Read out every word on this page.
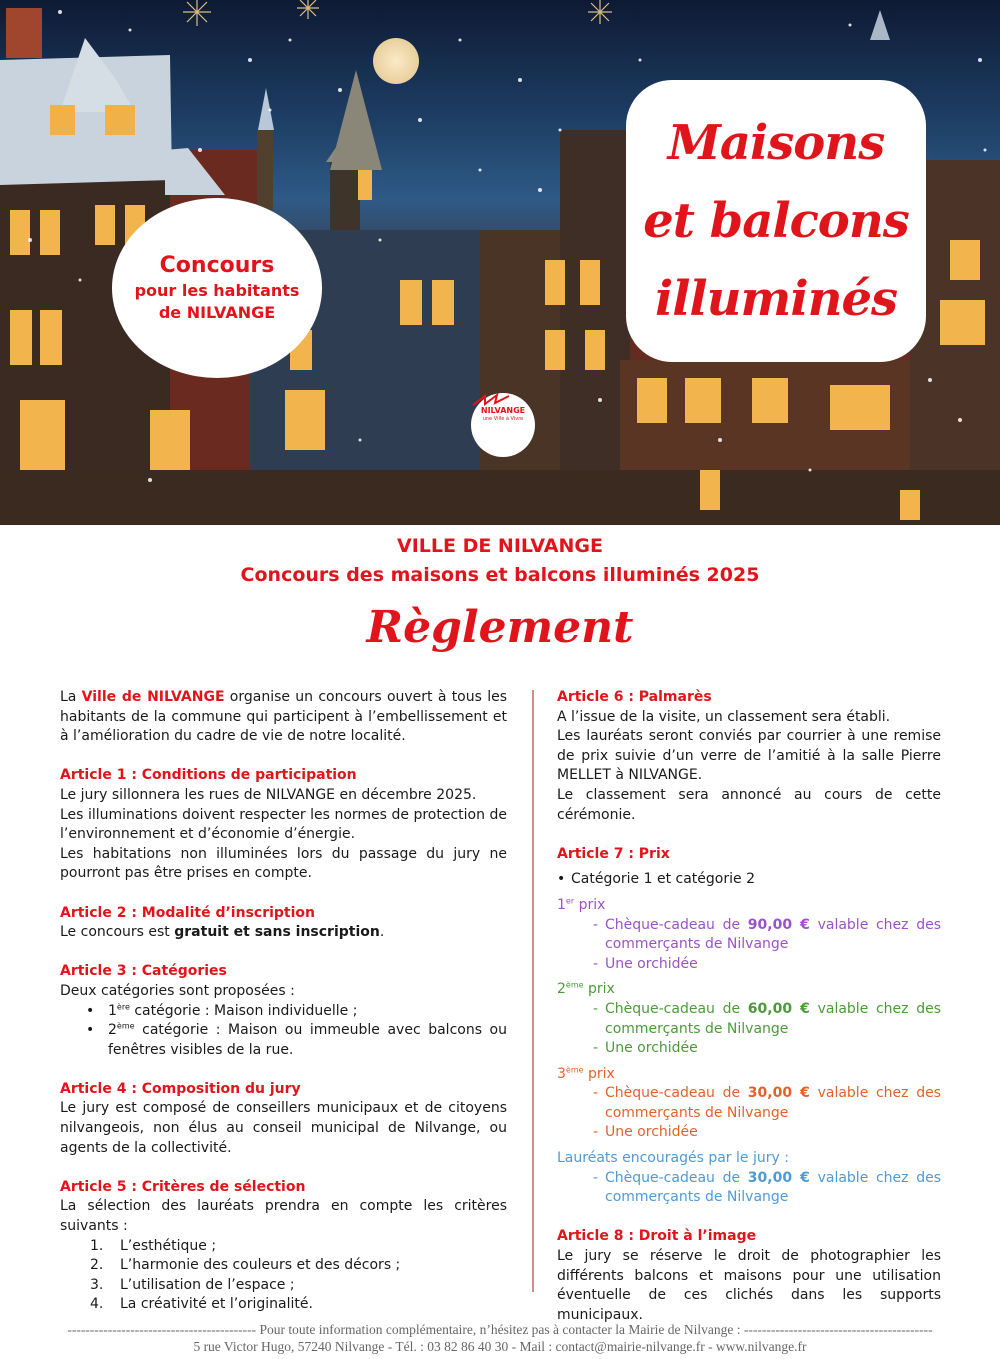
Concours
pour les habitants
de NILVANGE
Maisons
et balcons
illuminés
NILVANGE
une Ville à Vivre
VILLE DE NILVANGE
Concours des maisons et balcons illuminés 2025
Règlement

La Ville de NILVANGE organise un concours ouvert à tous les habitants de la commune qui participent à l’embellissement et à l’amélioration du cadre de vie de notre localité.

Article 1 : Conditions de participation

Le jury sillonnera les rues de NILVANGE en décembre 2025.

Les illuminations doivent respecter les normes de protection de l’environnement et d’économie d’énergie.

Les habitations non illuminées lors du passage du jury ne pourront pas être prises en compte.

Article 2 : Modalité d’inscription

Le concours est gratuit et sans inscription.

Article 3 : Catégories

Deux catégories sont proposées :

• 1ère catégorie : Maison individuelle ;
• 2ème catégorie : Maison ou immeuble avec balcons ou fenêtres visibles de la rue.
Article 4 : Composition du jury

Le jury est composé de conseillers municipaux et de citoyens nilvangeois, non élus au conseil municipal de Nilvange, ou agents de la collectivité.

Article 5 : Critères de sélection

La sélection des lauréats prendra en compte les critères suivants :

1.	L’esthétique ;
2.	L’harmonie des couleurs et des décors ;
3.	L’utilisation de l’espace ;
4.	La créativité et l’originalité.
Article 6 : Palmarès

A l’issue de la visite, un classement sera établi.

Les lauréats seront conviés par courrier à une remise de prix suivie d’un verre de l’amitié à la salle Pierre MELLET à NILVANGE.

Le classement sera annoncé au cours de cette cérémonie.

Article 7 : Prix
• Catégorie 1 et catégorie 2
1er prix
- Chèque-cadeau de 90,00 € valable chez des commerçants de Nilvange
- Une orchidée
2ème prix
- Chèque-cadeau de 60,00 € valable chez des commerçants de Nilvange
- Une orchidée
3ème prix
- Chèque-cadeau de 30,00 € valable chez des commerçants de Nilvange
- Une orchidée
Lauréats encouragés par le jury :
- Chèque-cadeau de 30,00 € valable chez des commerçants de Nilvange
Article 8 : Droit à l’image

Le jury se réserve le droit de photographier les différents balcons et maisons pour une utilisation éventuelle de ces clichés dans les supports municipaux.

------------------------------------------ Pour toute information complémentaire, n’hésitez pas à contacter la Mairie de Nilvange : ------------------------------------------
5 rue Victor Hugo, 57240 Nilvange - Tél. : 03 82 86 40 30 - Mail : contact@mairie-nilvange.fr - www.nilvange.fr
